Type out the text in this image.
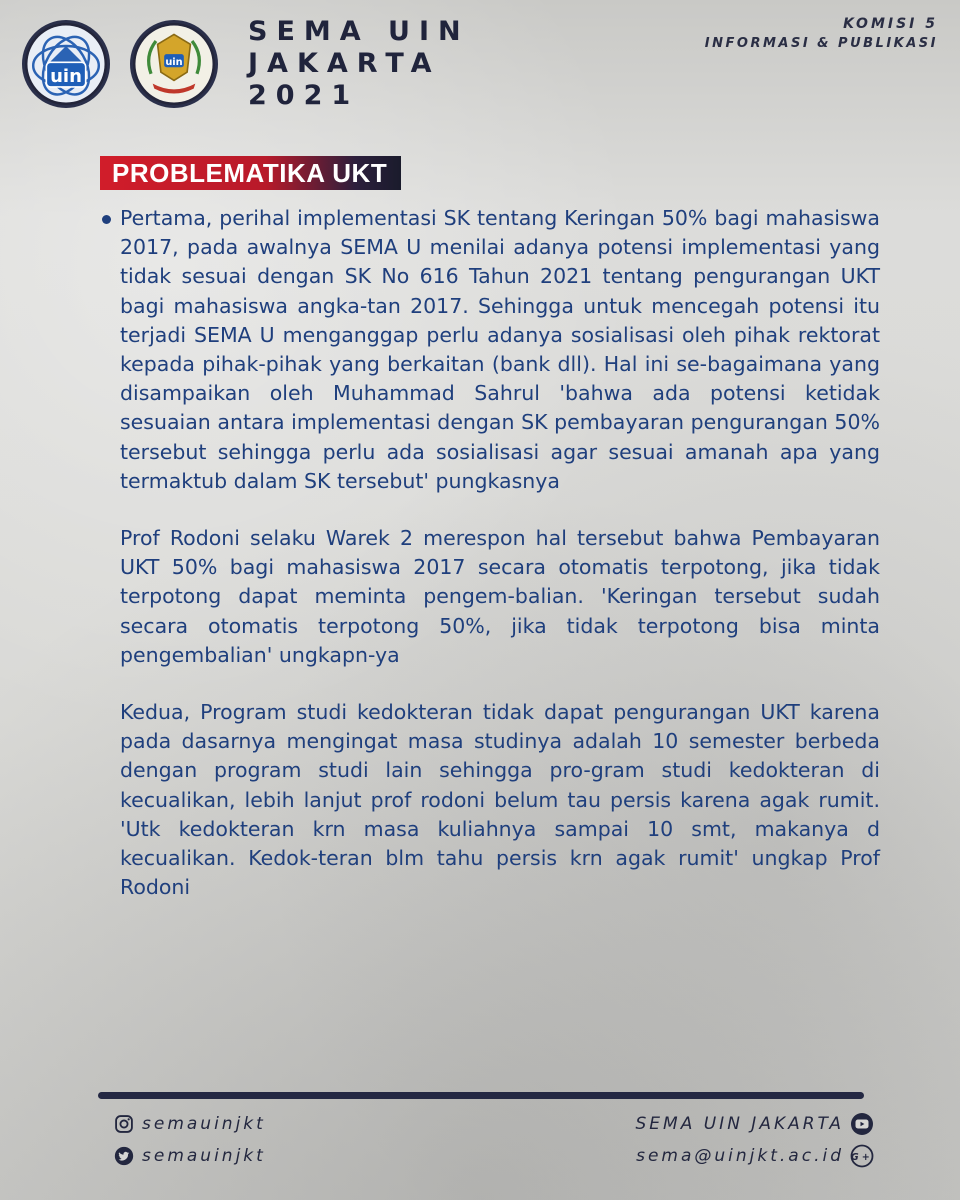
uin
uin
SEMA UIN
JAKARTA
2021
KOMISI 5
INFORMASI & PUBLIKASI
PROBLEMATIKA UKT

Pertama, perihal implementasi SK tentang Keringan 50% bagi mahasiswa 2017, pada awalnya SEMA U menilai adanya potensi implementasi yang tidak sesuai dengan SK No 616 Tahun 2021 tentang pengurangan UKT bagi mahasiswa angka-tan 2017. Sehingga untuk mencegah potensi itu terjadi SEMA U menganggap perlu adanya sosialisasi oleh pihak rektorat kepada pihak-pihak yang berkaitan (bank dll). Hal ini se-bagaimana yang disampaikan oleh Muhammad Sahrul 'bahwa ada potensi ketidak sesuaian antara implementasi dengan SK pembayaran pengurangan 50% tersebut sehingga perlu ada sosialisasi agar sesuai amanah apa yang termaktub dalam SK tersebut' pungkasnya

Prof Rodoni selaku Warek 2 merespon hal tersebut bahwa Pembayaran UKT 50% bagi mahasiswa 2017 secara otomatis terpotong, jika tidak terpotong dapat meminta pengem-balian. 'Keringan tersebut sudah secara otomatis terpotong 50%, jika tidak terpotong bisa minta pengembalian' ungkapn-ya

Kedua, Program studi kedokteran tidak dapat pengurangan UKT karena pada dasarnya mengingat masa studinya adalah 10 semester berbeda dengan program studi lain sehingga pro-gram studi kedokteran di kecualikan, lebih lanjut prof rodoni belum tau persis karena agak rumit. 'Utk kedokteran krn masa kuliahnya sampai 10 smt, makanya d kecualikan. Kedok-teran blm tahu persis krn agak rumit' ungkap Prof Rodoni

semauinjkt
semauinjkt
SEMA UIN JAKARTA
sema@uinjkt.ac.id G+
